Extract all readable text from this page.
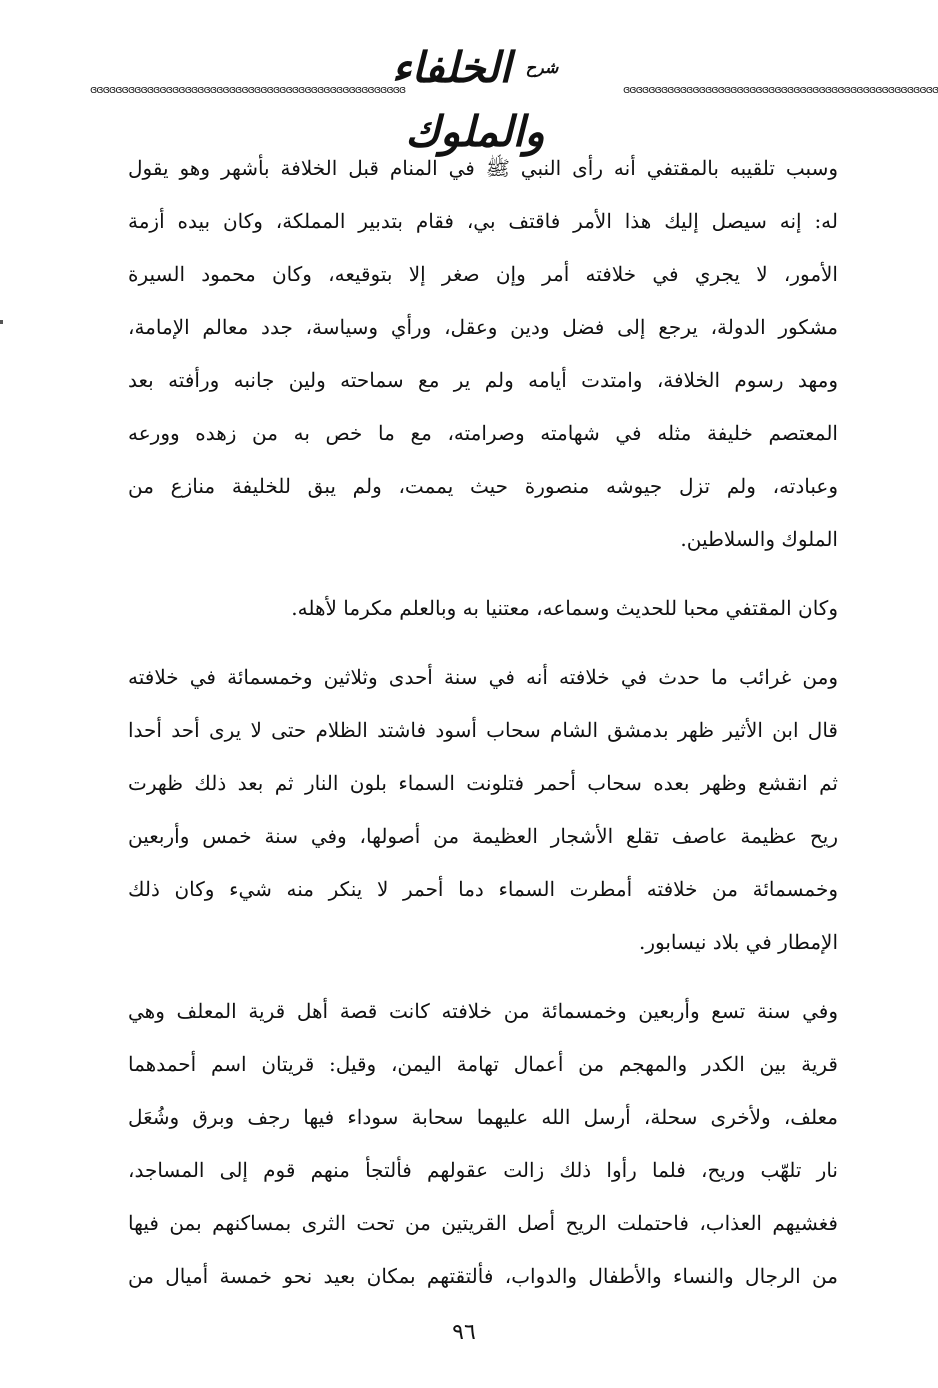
ɞɞɞɞɞɞɞɞɞɞɞɞɞɞɞɞɞɞɞɞɞɞɞɞɞɞɞɞɞɞɞɞɞɞɞɞɞɞɞɞɞɞɞɞɞɞɞɞɞɞ
$^{شرح}$ الخلفاء والملوك
ɞɞɞɞɞɞɞɞɞɞɞɞɞɞɞɞɞɞɞɞɞɞɞɞɞɞɞɞɞɞɞɞɞɞɞɞɞɞɞɞɞɞɞɞɞɞɞɞɞɞ
وسبب تلقيبه بالمقتفي أنه رأى النبي ﷺ في المنام قبل الخلافة بأشهر وهو يقول
له: إنه سيصل إليك هذا الأمر فاقتف بي، فقام بتدبير المملكة، وكان بيده أزمة
الأمور، لا يجري في خلافته أمر وإن صغر إلا بتوقيعه، وكان محمود السيرة
مشكور الدولة، يرجع إلى فضل ودين وعقل، ورأي وسياسة، جدد معالم الإمامة،
ومهد رسوم الخلافة، وامتدت أيامه ولم ير مع سماحته ولين جانبه ورأفته بعد
المعتصم خليفة مثله في شهامته وصرامته، مع ما خص به من زهده وورعه
وعبادته، ولم تزل جيوشه منصورة حيث يممت، ولم يبق للخليفة منازع من
الملوك والسلاطين.
وكان المقتفي محبا للحديث وسماعه، معتنيا به وبالعلم مكرما لأهله.
ومن غرائب ما حدث في خلافته أنه في سنة أحدى وثلاثين وخمسمائة في خلافته
قال ابن الأثير ظهر بدمشق الشام سحاب أسود فاشتد الظلام حتى لا يرى أحد أحدا
ثم انقشع وظهر بعده سحاب أحمر فتلونت السماء بلون النار ثم بعد ذلك ظهرت
ريح عظيمة عاصف تقلع الأشجار العظيمة من أصولها، وفي سنة خمس وأربعين
وخمسمائة من خلافته أمطرت السماء دما أحمر لا ينكر منه شيء وكان ذلك
الإمطار في بلاد نيسابور.
وفي سنة تسع وأربعين وخمسمائة من خلافته كانت قصة أهل قرية المعلف وهي
قرية بين الكدر والمهجم من أعمال تهامة اليمن، وقيل: قريتان اسم أحمدهما
معلف، ولأخرى سحلة، أرسل الله عليهما سحابة سوداء فيها رجف وبرق وشُعَل
نار تلهّب وريح، فلما رأوا ذلك زالت عقولهم فألتجأ منهم قوم إلى المساجد،
فغشيهم العذاب، فاحتملت الريح أصل القريتين من تحت الثرى بمساكنهم بمن فيها
من الرجال والنساء والأطفال والدواب، فألتقتهم بمكان بعيد نحو خمسة أميال من
٩٦
